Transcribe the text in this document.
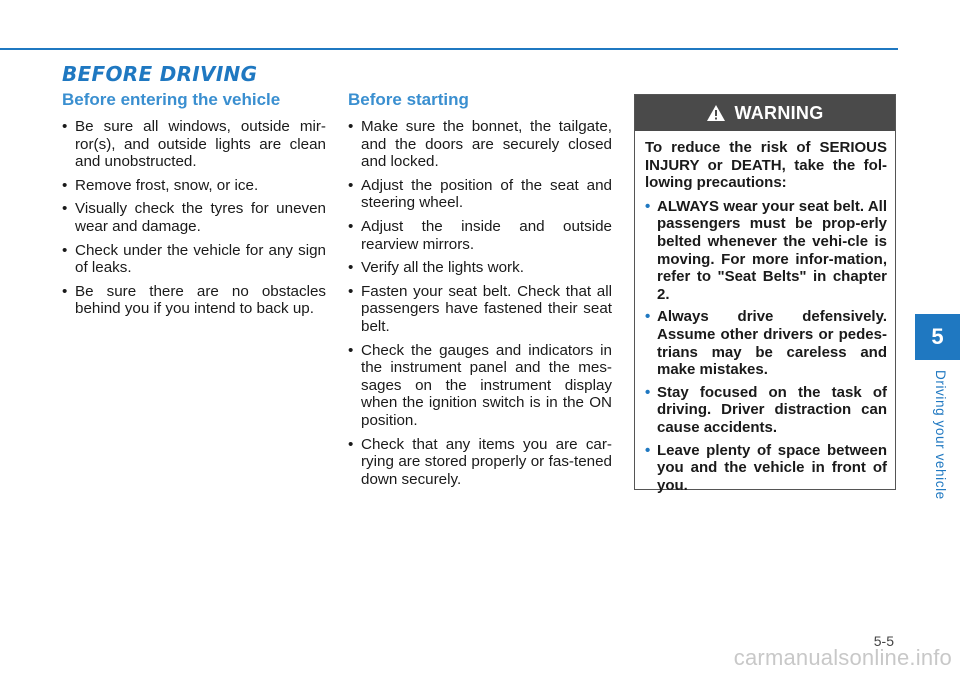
BEFORE DRIVING
Before entering the vehicle
• Be sure all windows, outside mir-ror(s), and outside lights are clean and unobstructed.
• Remove frost, snow, or ice.
• Visually check the tyres for uneven wear and damage.
• Check under the vehicle for any sign of leaks.
• Be sure there are no obstacles behind you if you intend to back up.
Before starting
• Make sure the bonnet, the tailgate, and the doors are securely closed and locked.
• Adjust the position of the seat and steering wheel.
• Adjust the inside and outside rearview mirrors.
• Verify all the lights work.
• Fasten your seat belt. Check that all passengers have fastened their seat belt.
• Check the gauges and indicators in the instrument panel and the mes-sages on the instrument display when the ignition switch is in the ON position.
• Check that any items you are car-rying are stored properly or fas-tened down securely.
WARNING

To reduce the risk of SERIOUS INJURY or DEATH, take the fol-lowing precautions:

• ALWAYS wear your seat belt. All passengers must be prop-erly belted whenever the vehi-cle is moving. For more infor-mation, refer to "Seat Belts" in chapter 2.
• Always drive defensively. Assume other drivers or pedes-trians may be careless and make mistakes.
• Stay focused on the task of driving. Driver distraction can cause accidents.
• Leave plenty of space between you and the vehicle in front of you.
5
Driving your vehicle
5-5
carmanualsonline.info
